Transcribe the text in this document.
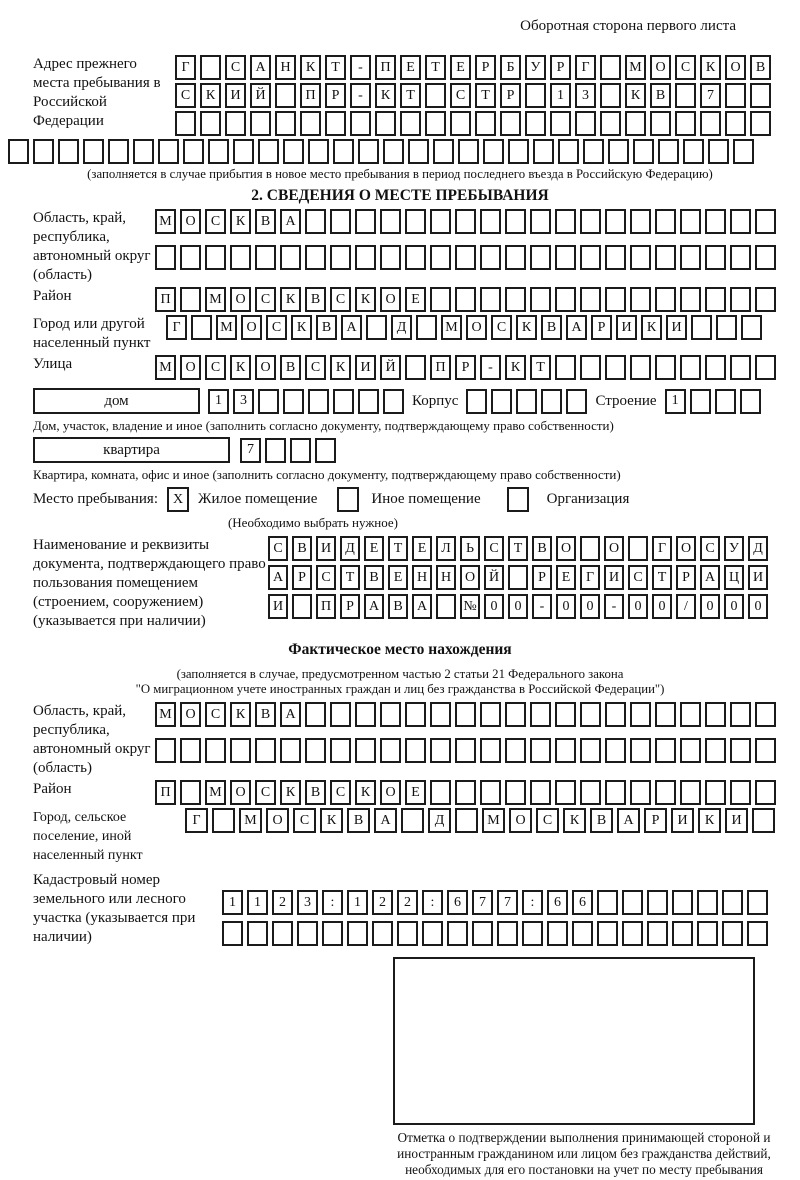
Оборотная сторона первого листа
Адрес прежнего места пребывания в Российской Федерации
Г	С	А	Н	К	Т	-	П	Е	Т	Е	Р	Б	У	Р	Г	М О	С	К	О	В
С	К	И	Й	П	Р	-	К	Т	С	Т	Р	1	3	К	В	7
(заполняется в случае прибытия в новое место пребывания в период последнего въезда в Российскую Федерацию)
2. СВЕДЕНИЯ О МЕСТЕ ПРЕБЫВАНИЯ
Область, край, республика, автономный округ (область)
М О	С	К	В	А
Район	П	М О	С	К	В	С	К	О	Е
Город или другой населенный пункт
Г	М О	С	К	В	А	Д	М О	С	К	В	А	Р	И	К	И
Улица	М О	С	К	О	В	С	К	И	Й	П	Р	-	К	Т
дом	1	3	Корпус	Строение	1
Дом, участок, владение и иное (заполнить согласно документу, подтверждающему право собственности)
квартира	7
Квартира, комната, офис и иное (заполнить согласно документу, подтверждающему право собственности)
Место пребывания:	X Жилое помещение	Иное помещение	Организация
(Необходимо выбрать нужное)
Наименование и реквизиты документа, подтверждающего право пользования помещением (строением, сооружением) (указывается при наличии)
С	В	И	Д	Е	Т	Е	Л	Ь	С	Т	В	О	О	Г	О	С	У	Д
А	Р	С	Т	В	Е	Н Н О Й	Р	Е	Г	И	С	Т	Р	А Ц И
И	П	Р	А	В	А	№ 0	0	-	0	0	-	0	0	/	0	0	0
Фактическое место нахождения
(заполняется в случае, предусмотренном частью 2 статьи 21 Федерального закона
"О миграционном учете иностранных граждан и лиц без гражданства в Российской Федерации")
Область, край, республика, автономный округ (область)
М О	С	К	В	А
Район	П	М О	С	К	В	С	К	О	Е
Город, сельское поселение, иной населенный пункт
Г	М	О	С	К	В	А	Д	М	О	С	К	В	А	Р	И	К	И
Кадастровый номер земельного или лесного участка (указывается при наличии)
1	1	2	3	:	1	2	2	:	6	7	7	:	6	6
Отметка о подтверждении выполнения принимающей стороной и иностранным гражданином или лицом без гражданства действий, необходимых для его постановки на учет по месту пребывания
